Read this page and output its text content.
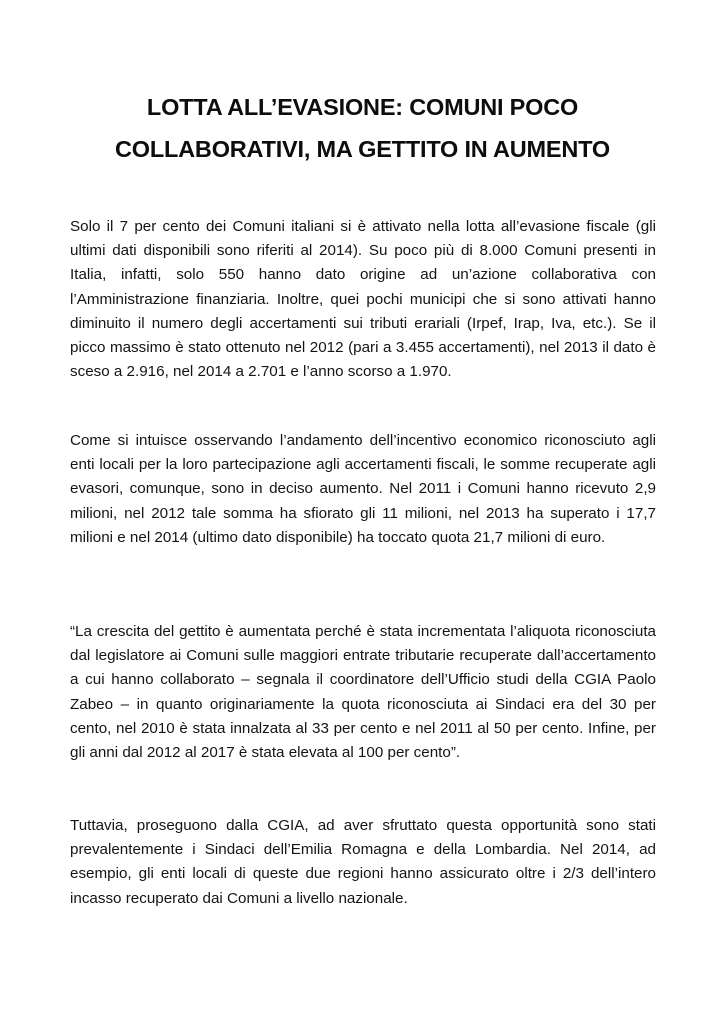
LOTTA ALL’EVASIONE: COMUNI POCO
COLLABORATIVI, MA GETTITO IN AUMENTO

Solo il 7 per cento dei Comuni italiani si è attivato nella lotta all’evasione fiscale (gli ultimi dati disponibili sono riferiti al 2014). Su poco più di 8.000 Comuni presenti in Italia, infatti, solo 550 hanno dato origine ad un’azione collaborativa con l’Amministrazione finanziaria. Inoltre, quei pochi municipi che si sono attivati hanno diminuito il numero degli accertamenti sui tributi erariali (Irpef, Irap, Iva, etc.). Se il picco massimo è stato ottenuto nel 2012 (pari a 3.455 accertamenti), nel 2013 il dato è sceso a 2.916, nel 2014 a 2.701 e l’anno scorso a 1.970.

Come si intuisce osservando l’andamento dell’incentivo economico riconosciuto agli enti locali per la loro partecipazione agli accertamenti fiscali, le somme recuperate agli evasori, comunque, sono in deciso aumento. Nel 2011 i Comuni hanno ricevuto 2,9 milioni, nel 2012 tale somma ha sfiorato gli 11 milioni, nel 2013 ha superato i 17,7 milioni e nel 2014 (ultimo dato disponibile) ha toccato quota 21,7 milioni di euro.

“La crescita del gettito è aumentata perché è stata incrementata l’aliquota riconosciuta dal legislatore ai Comuni sulle maggiori entrate tributarie recuperate dall’accertamento a cui hanno collaborato – segnala il coordinatore dell’Ufficio studi della CGIA Paolo Zabeo – in quanto originariamente la quota riconosciuta ai Sindaci era del 30 per cento, nel 2010 è stata innalzata al 33 per cento e nel 2011 al 50 per cento. Infine, per gli anni dal 2012 al 2017 è stata elevata al 100 per cento”.

Tuttavia, proseguono dalla CGIA, ad aver sfruttato questa opportunità sono stati prevalentemente i Sindaci dell’Emilia Romagna e della Lombardia. Nel 2014, ad esempio, gli enti locali di queste due regioni hanno assicurato oltre i 2/3 dell’intero incasso recuperato dai Comuni a livello nazionale.
